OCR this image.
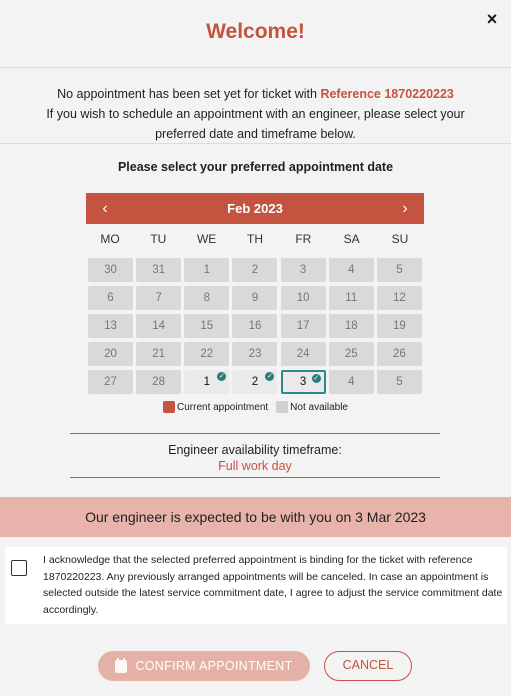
Welcome!
×
No appointment has been set yet for ticket with Reference 1870220223
If you wish to schedule an appointment with an engineer, please select your
preferred date and timeframe below.
Please select your preferred appointment date
‹	Feb 2023	›
MO	TU	WE	TH	FR	SA	SU
30	31	1	2	3	4	5
6	7	8	9	10	11	12
13	14	15	16	17	18	19
20	21	22	23	24	25	26
27	28	1 ✓	2 ✓	3 ✓	4	5
Current appointment Not available
Engineer availability timeframe:
Full work day
Our engineer is expected to be with you on 3 Mar 2023
I acknowledge that the selected preferred appointment is binding for the ticket with reference 1870220223. Any previously arranged appointments will be canceled. In case an appointment is selected outside the latest service commitment date, I agree to adjust the service commitment date accordingly.
CONFIRM APPOINTMENT	CANCEL
